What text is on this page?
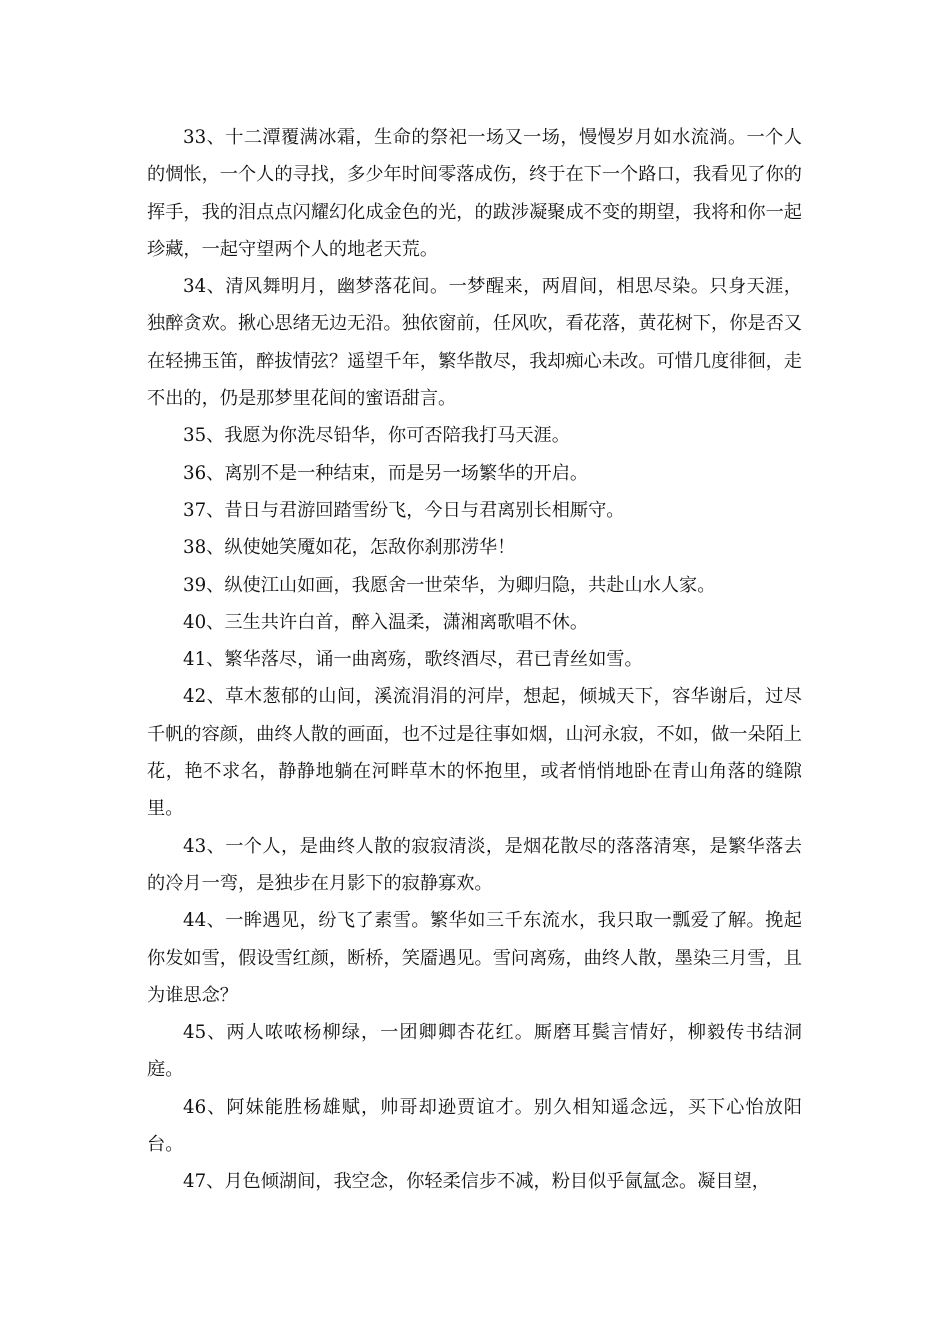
33、十二潭覆满冰霜，生命的祭祀一场又一场，慢慢岁月如水流淌。一个人的惆怅，一个人的寻找，多少年时间零落成伤，终于在下一个路口，我看见了你的挥手，我的泪点点闪耀幻化成金色的光，的跋涉凝聚成不变的期望，我将和你一起珍藏，一起守望两个人的地老天荒。

34、清风舞明月，幽梦落花间。一梦醒来，两眉间，相思尽染。只身天涯，独醉贪欢。揪心思绪无边无沿。独依窗前，任风吹，看花落，黄花树下，你是否又在轻拂玉笛，醉拔情弦？遥望千年，繁华散尽，我却痴心未改。可惜几度徘徊，走不出的，仍是那梦里花间的蜜语甜言。

35、我愿为你洗尽铅华，你可否陪我打马天涯。

36、离别不是一种结束，而是另一场繁华的开启。

37、昔日与君游回踏雪纷飞，今日与君离别长相厮守。

38、纵使她笑魇如花，怎敌你刹那涝华！

39、纵使江山如画，我愿舍一世荣华，为卿归隐，共赴山水人家。

40、三生共许白首，醉入温柔，潇湘离歌唱不休。

41、繁华落尽，诵一曲离殇，歌终酒尽，君已青丝如雪。

42、草木葱郁的山间，溪流涓涓的河岸，想起，倾城天下，容华谢后，过尽千帆的容颜，曲终人散的画面，也不过是往事如烟，山河永寂，不如，做一朵陌上花，艳不求名，静静地躺在河畔草木的怀抱里，或者悄悄地卧在青山角落的缝隙里。

43、一个人，是曲终人散的寂寂清淡，是烟花散尽的落落清寒，是繁华落去的冷月一弯，是独步在月影下的寂静寡欢。

44、一眸遇见，纷飞了素雪。繁华如三千东流水，我只取一瓢爱了解。挽起你发如雪，假设雪红颜，断桥，笑靥遇见。雪问离殇，曲终人散，墨染三月雪，且为谁思念？

45、两人哝哝杨柳绿，一团卿卿杏花红。厮磨耳鬓言情好，柳毅传书结洞庭。

46、阿妹能胜杨雄赋，帅哥却逊贾谊才。别久相知遥念远，买下心怡放阳台。

47、月色倾湖间，我空念，你轻柔信步不减，粉目似乎氤氲念。凝目望，
